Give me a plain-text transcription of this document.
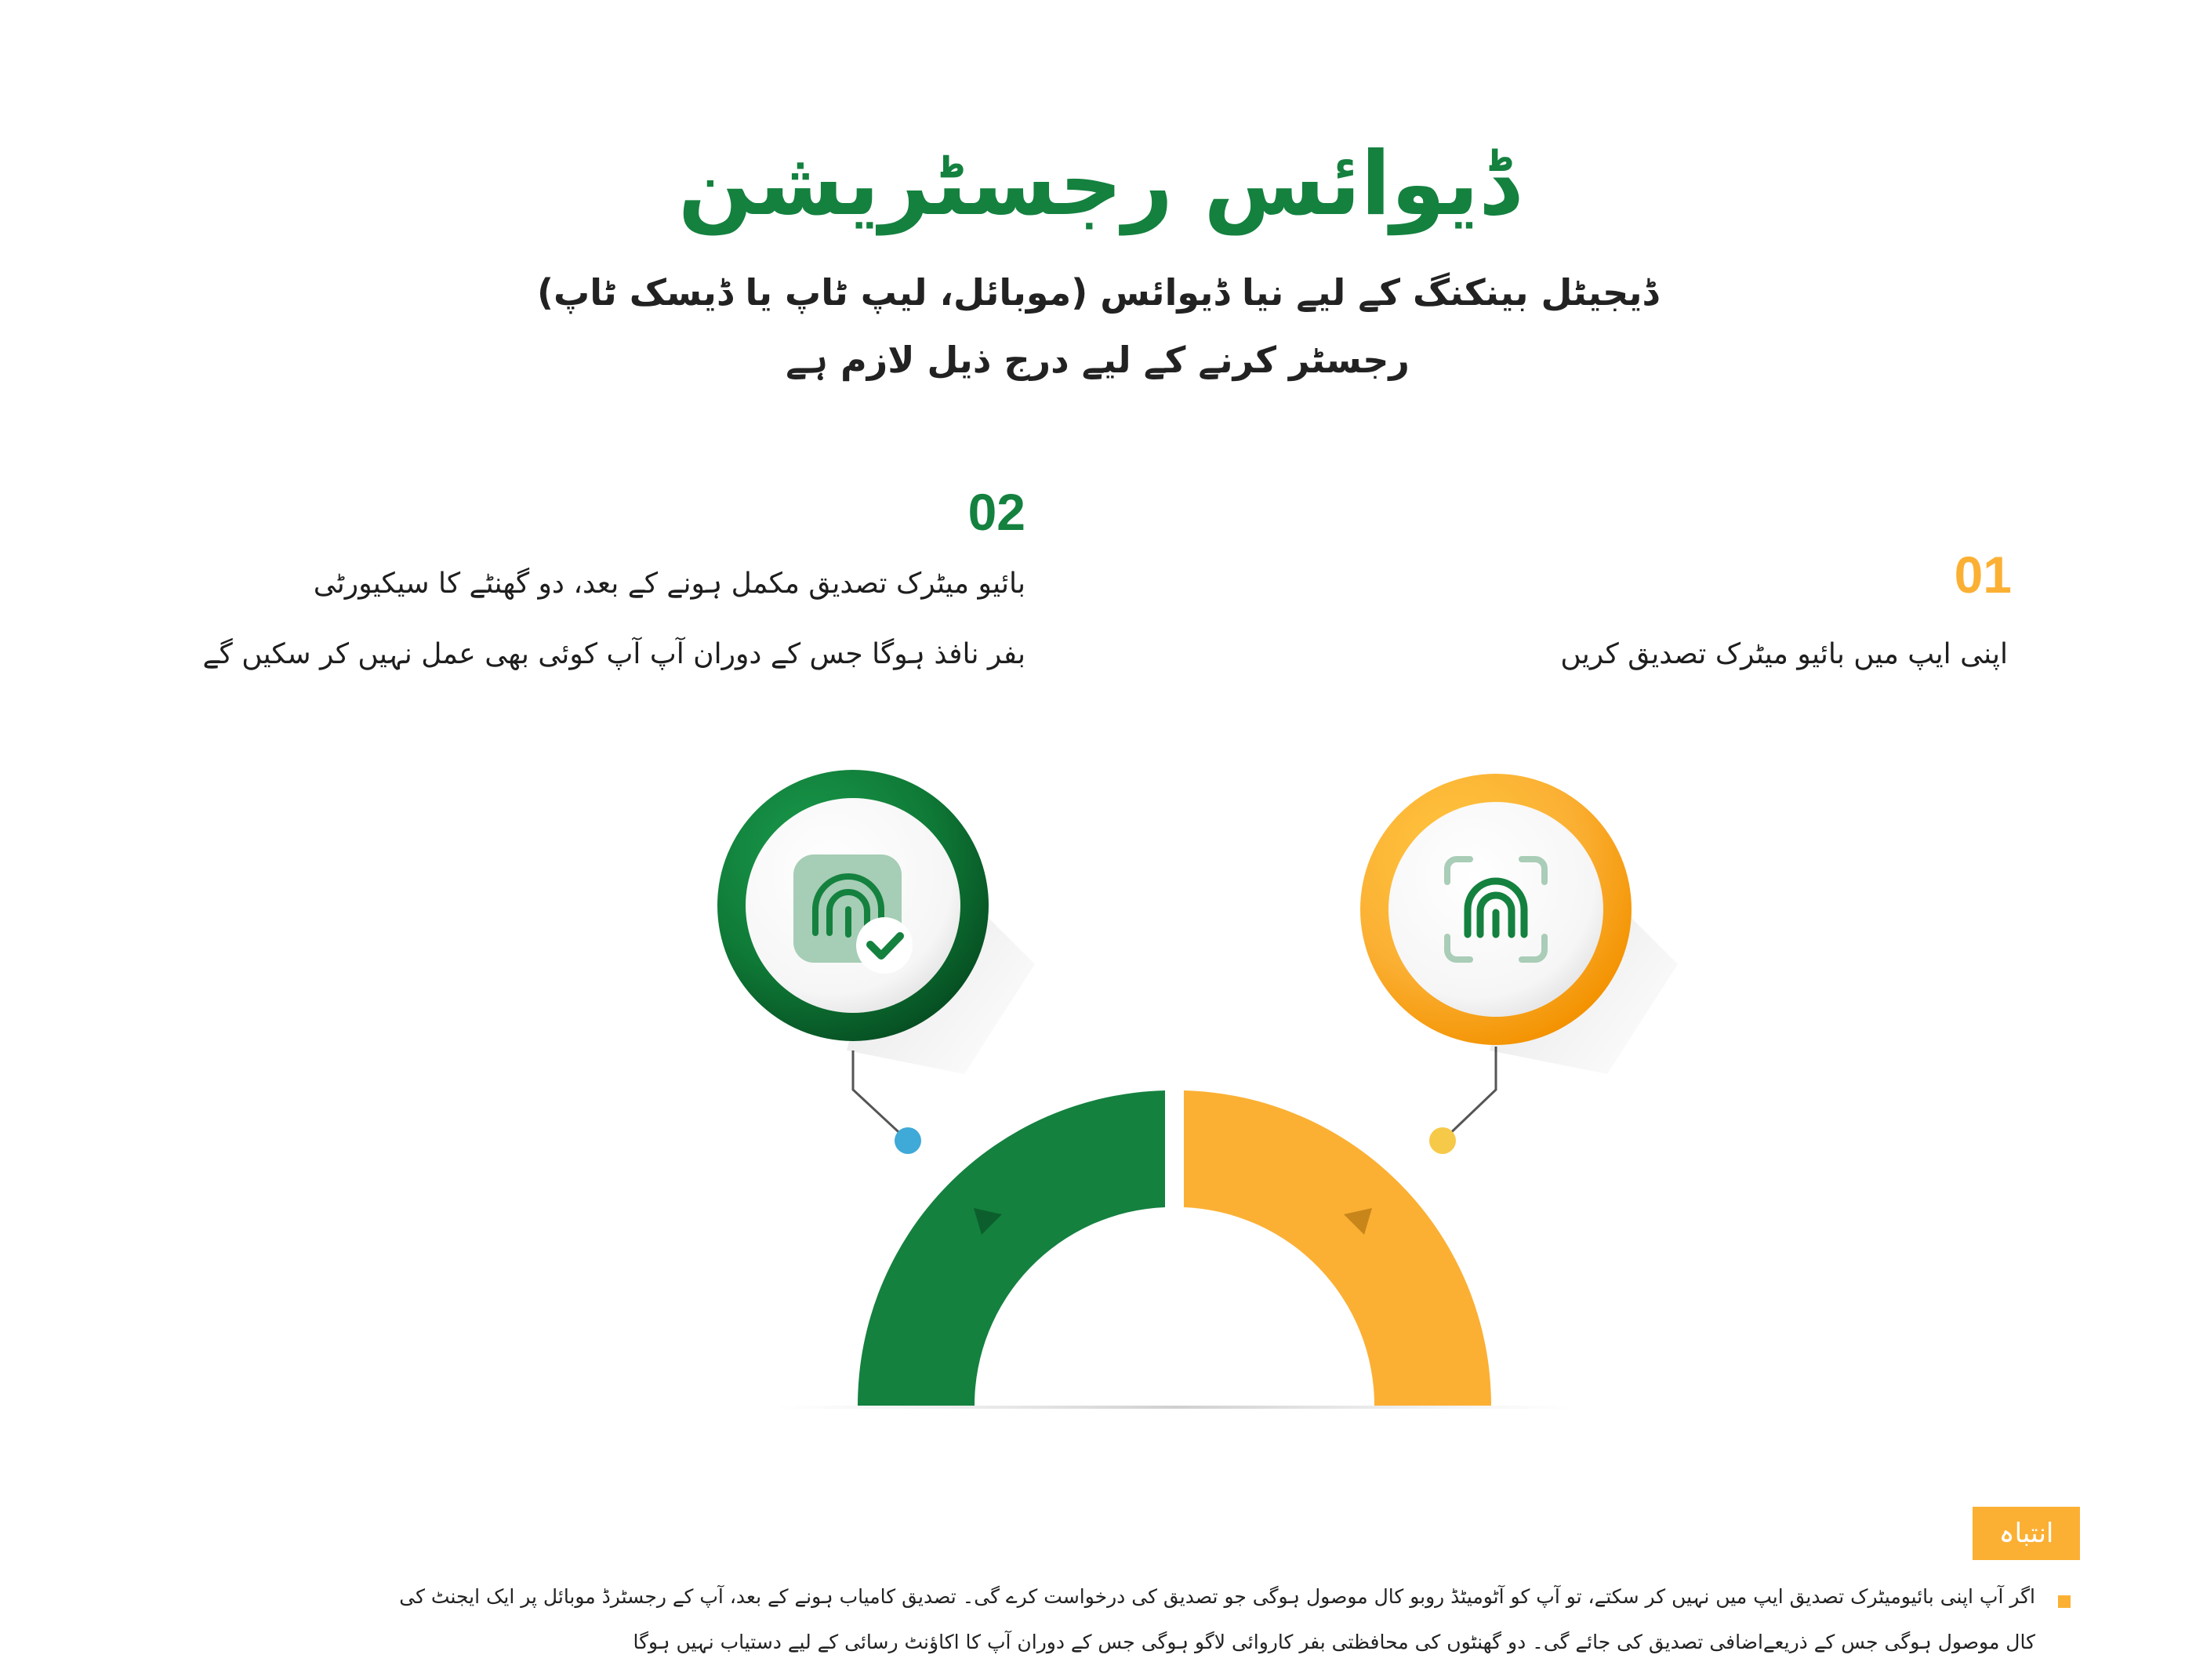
ڈیوائس رجسٹریشن
ڈیجیٹل بینکنگ کے لیے نیا ڈیوائس (موبائل، لیپ ٹاپ یا ڈیسک ٹاپ)
رجسٹر کرنے کے لیے درج ذیل لازم ہے
02
بائیو میٹرک تصدیق مکمل ہونے کے بعد، دو گھنٹے کا سیکیورٹی
بفر نافذ ہوگا جس کے دوران آپ آپ کوئی بھی عمل نہیں کر سکیں گے
01
اپنی ایپ میں بائیو میٹرک تصدیق کریں
انتباہ
اگر آپ اپنی بائیومیٹرک تصدیق ایپ میں نہیں کر سکتے، تو آپ کو آٹومیٹڈ روبو کال موصول ہوگی جو تصدیق کی درخواست کرے گی۔ تصدیق کامیاب ہونے کے بعد، آپ کے رجسٹرڈ موبائل پر ایک ایجنٹ کی
کال موصول ہوگی جس کے ذریعےاضافی تصدیق کی جائے گی۔ دو گھنٹوں کی محافظتی بفر کاروائی لاگو ہوگی جس کے دوران آپ کا اکاؤنٹ رسائی کے لیے دستیاب نہیں ہوگا
